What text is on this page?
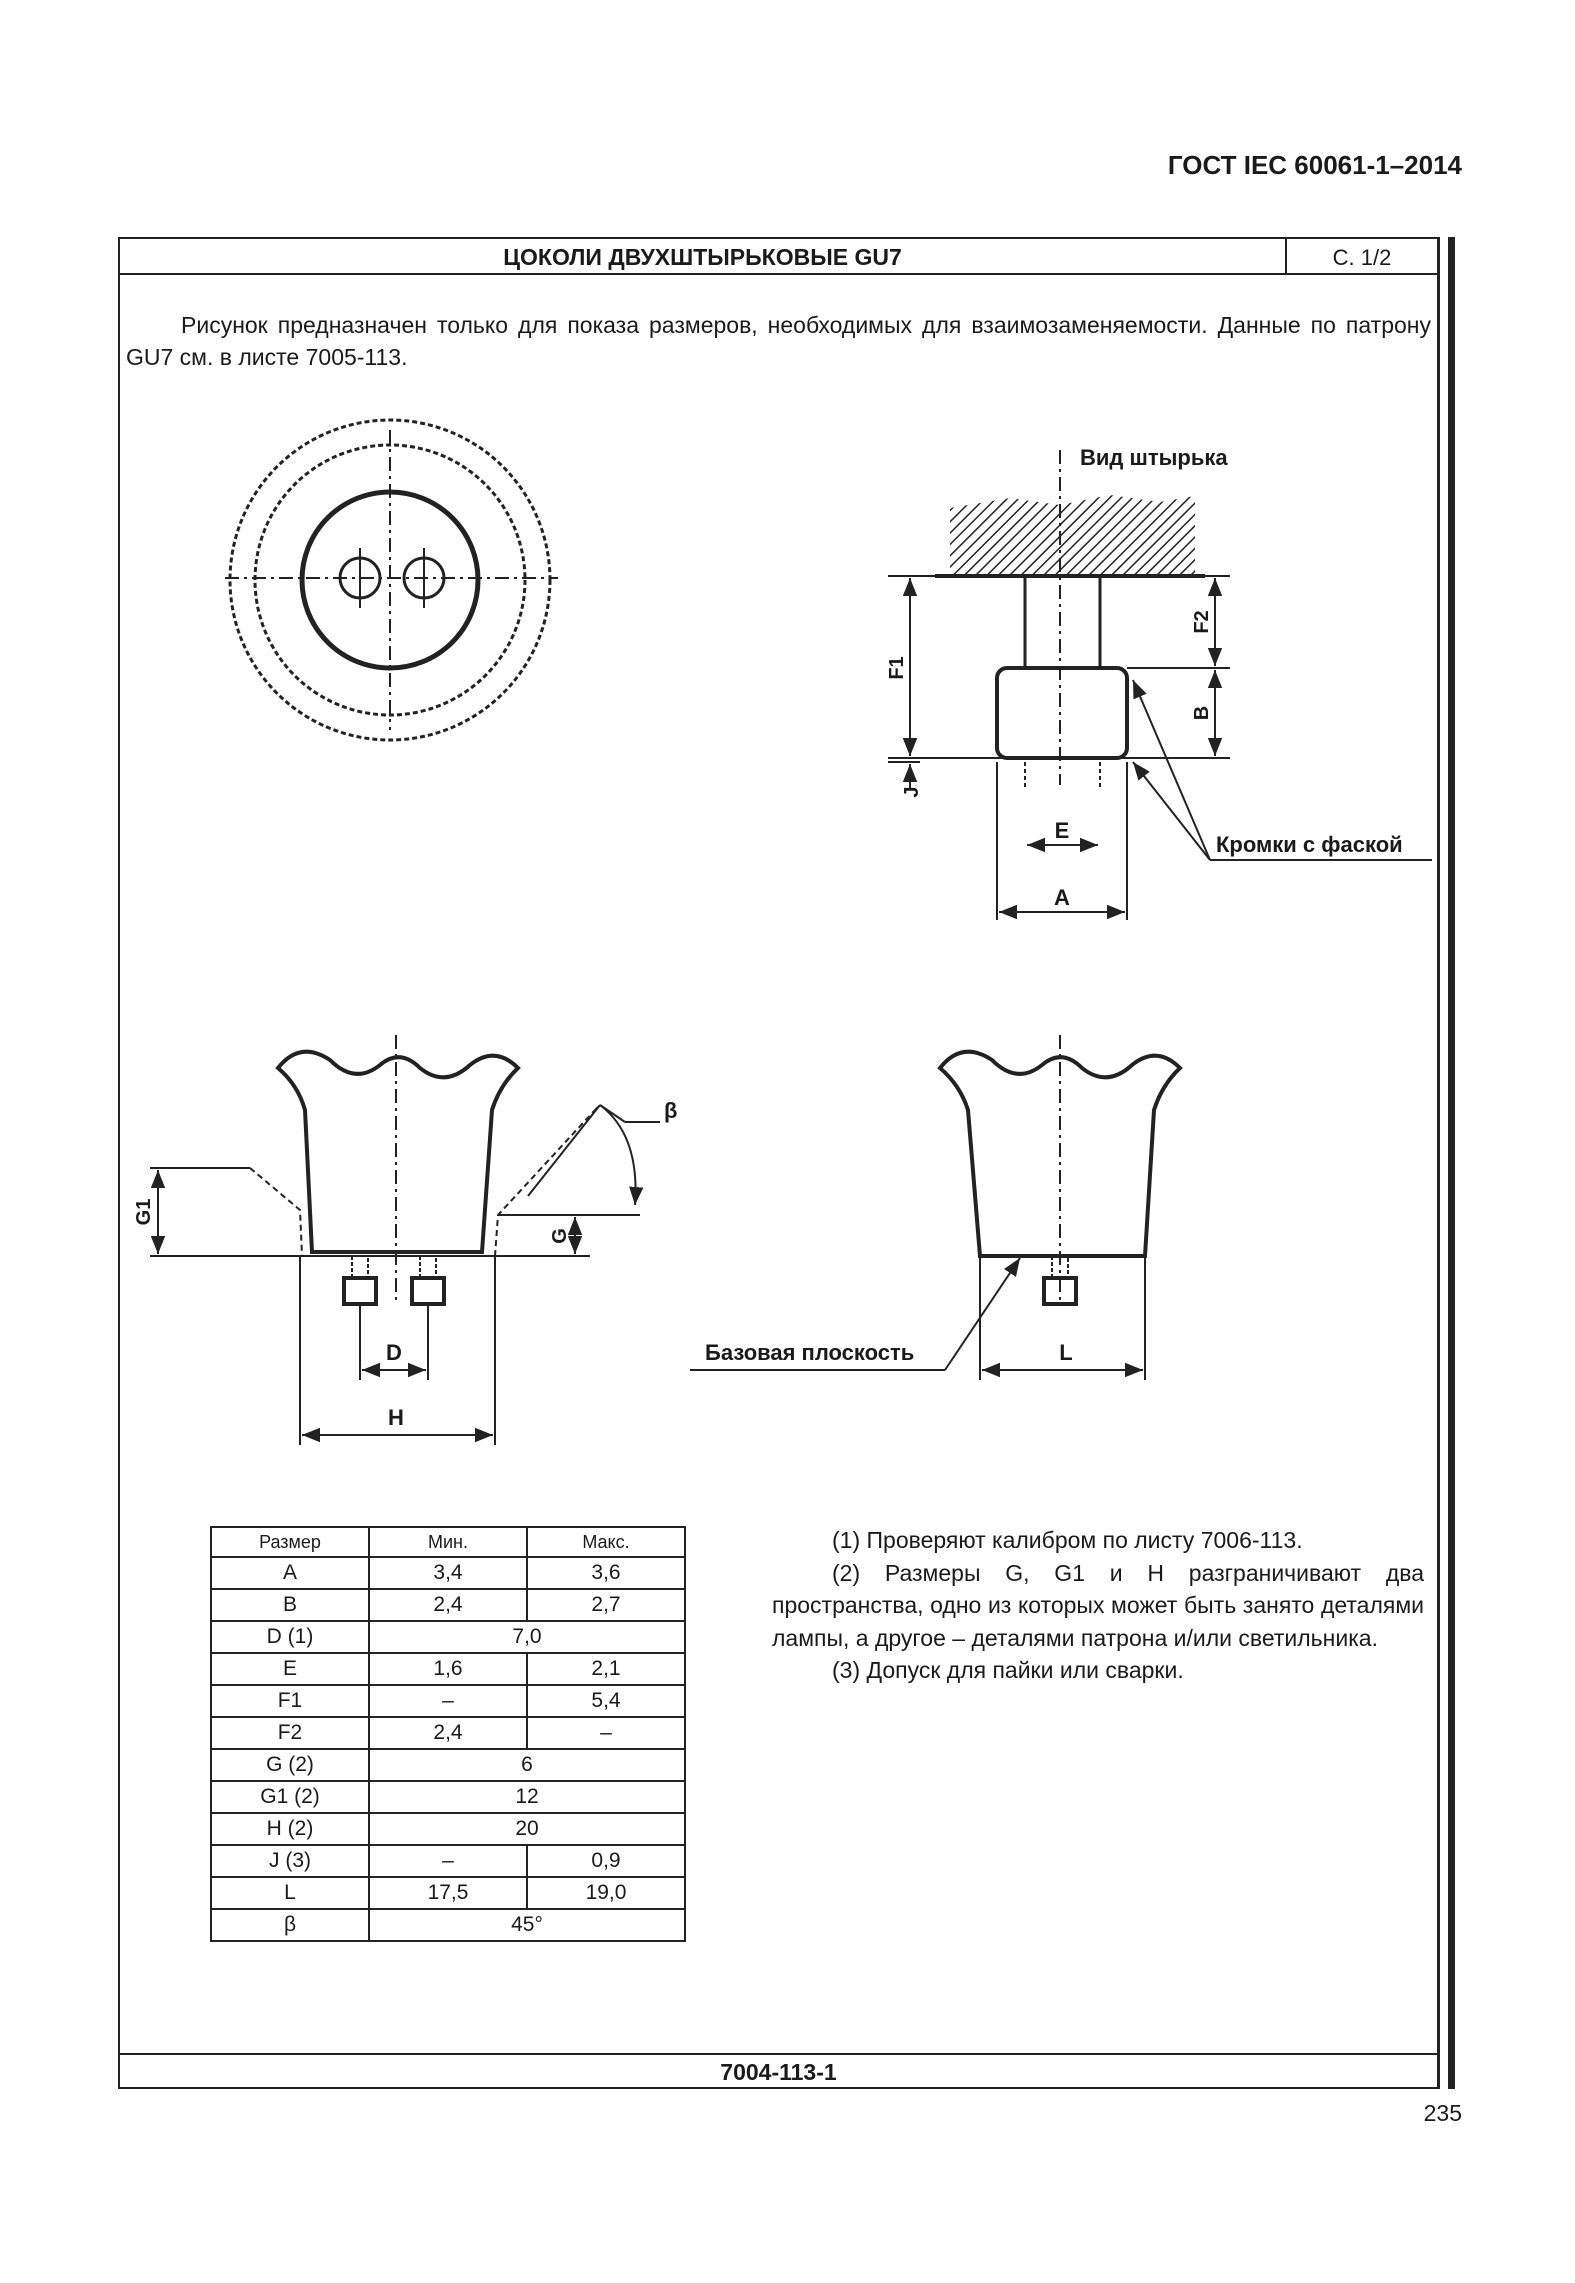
ГОСТ IEC 60061-1–2014
ЦОКОЛИ ДВУХШТЫРЬКОВЫЕ GU7	С. 1/2
Рисунок предназначен только для показа размеров, необходимых для взаимозаменяемости. Данные по патрону GU7 см. в листе 7005-113.
7004-113-1
Вид штырька
Кромки с фаской
F1
F2
B
J
E
A
β
D
H
G1
G
L
Базовая плоскость
Размер	Мин.	Макс.
A	3,4	3,6
B	2,4	2,7
D (1)	7,0	
E	1,6	2,1
F1	–	5,4
F2	2,4	–
G (2)	6	
G1 (2)	12	
H (2)	20	
J (3)	–	0,9
L	17,5	19,0
β	45°	

(1) Проверяют калибром по листу 7006-113.

(2) Размеры G, G1 и H разграничивают два пространства, одно из которых может быть занято деталями лампы, а другое – деталями патрона и/или светильника.

(3) Допуск для пайки или сварки.

235
